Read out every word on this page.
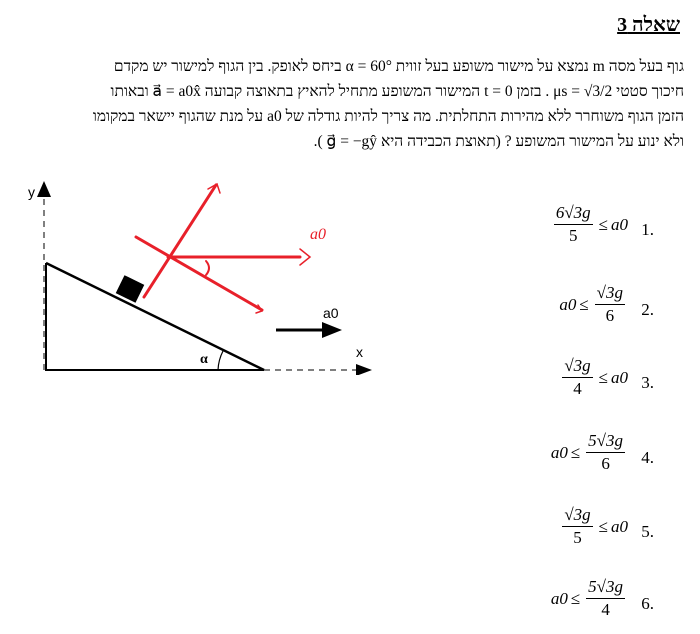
שאלה 3

גוף בעל מסה m נמצא על מישור משופע בעל זווית α = 60° ביחס לאופק. בין הגוף למישור יש מקדם

חיכוך סטטי μs = √3/2 . בזמן t = 0 המישור המשופע מתחיל להאיץ בתאוצה קבועה a⃗ = a0x̂ ובאותו

הזמן הגוף משוחרר ללא מהירות התחלתית. מה צריך להיות גודלה של a0 על מנת שהגוף יישאר במקומו

ולא ינוע על המישור המשופע ? (תאוצת הכבידה היא g⃗ = −gŷ ).

y
x
α
a0
a0	1.
$\frac{6√3g}{5} \le a0$
2.
$a0 \le \frac{√3g}{6}$
3.
$\frac{√3g}{4} \le a0$
4.
$a0 \le \frac{5√3g}{6}$
5.
$\frac{√3g}{5} \le a0$
6.
$a0 \le \frac{5√3g}{4}$
